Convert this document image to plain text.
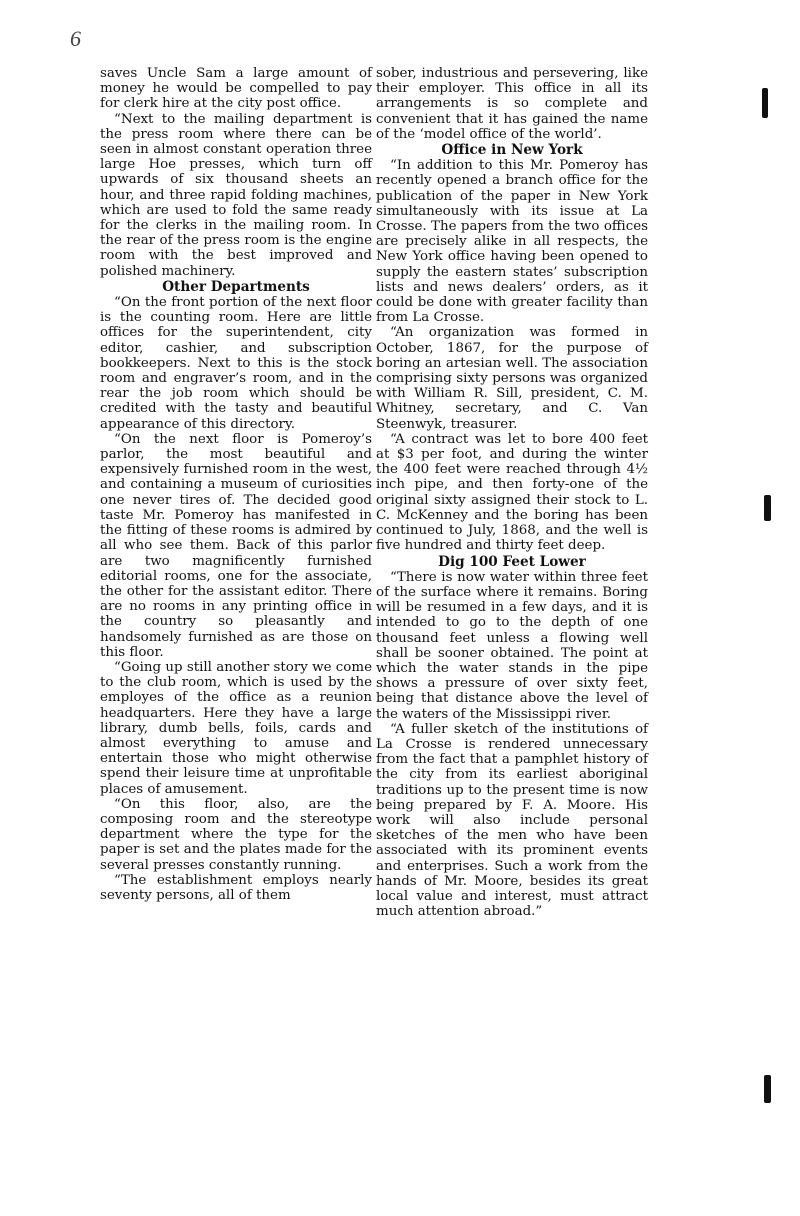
6

saves Uncle Sam a large amount of money he would be compelled to pay for clerk hire at the city post office.

“Next to the mailing department is the press room where there can be seen in almost constant operation three large Hoe presses, which turn off upwards of six thousand sheets an hour, and three rapid folding machines, which are used to fold the same ready for the clerks in the mailing room. In the rear of the press room is the engine room with the best improved and polished machinery.

Other Departments

“On the front portion of the next floor is the counting room. Here are little offices for the superintendent, city editor, cashier, and subscription bookkeepers. Next to this is the stock room and engraver’s room, and in the rear the job room which should be credited with the tasty and beautiful appearance of this directory.

“On the next floor is Pomeroy’s parlor, the most beautiful and expensively furnished room in the west, and containing a museum of curiosities one never tires of. The decided good taste Mr. Pomeroy has manifested in the fitting of these rooms is admired by all who see them. Back of this parlor are two magnificently furnished editorial rooms, one for the associate, the other for the assistant editor. There are no rooms in any printing office in the country so pleasantly and handsomely furnished as are those on this floor.

“Going up still another story we come to the club room, which is used by the employes of the office as a reunion headquarters. Here they have a large library, dumb bells, foils, cards and almost everything to amuse and entertain those who might otherwise spend their leisure time at unprofitable places of amusement.

“On this floor, also, are the composing room and the stereotype department where the type for the paper is set and the plates made for the several presses constantly running.

“The establishment employs nearly seventy persons, all of them

sober, industrious and persevering, like their employer. This office in all its arrangements is so complete and convenient that it has gained the name of the ‘model office of the world’.

Office in New York

“In addition to this Mr. Pomeroy has recently opened a branch office for the publication of the paper in New York simultaneously with its issue at La Crosse. The papers from the two offices are precisely alike in all respects, the New York office having been opened to supply the eastern states’ subscription lists and news dealers’ orders, as it could be done with greater facility than from La Crosse.

“An organization was formed in October, 1867, for the purpose of boring an artesian well. The association comprising sixty persons was organized with William R. Sill, president, C. M. Whitney, secretary, and C. Van Steenwyk, treasurer.

“A contract was let to bore 400 feet at $3 per foot, and during the winter the 400 feet were reached through 4½ inch pipe, and then forty-one of the original sixty assigned their stock to L. C. McKenney and the boring has been continued to July, 1868, and the well is five hundred and thirty feet deep.

Dig 100 Feet Lower

“There is now water within three feet of the surface where it remains. Boring will be resumed in a few days, and it is intended to go to the depth of one thousand feet unless a flowing well shall be sooner obtained. The point at which the water stands in the pipe shows a pressure of over sixty feet, being that distance above the level of the waters of the Mississippi river.

“A fuller sketch of the institutions of La Crosse is rendered unnecessary from the fact that a pamphlet history of the city from its earliest aboriginal traditions up to the present time is now being prepared by F. A. Moore. His work will also include personal sketches of the men who have been associated with its prominent events and enterprises. Such a work from the hands of Mr. Moore, besides its great local value and interest, must attract much attention abroad.”
